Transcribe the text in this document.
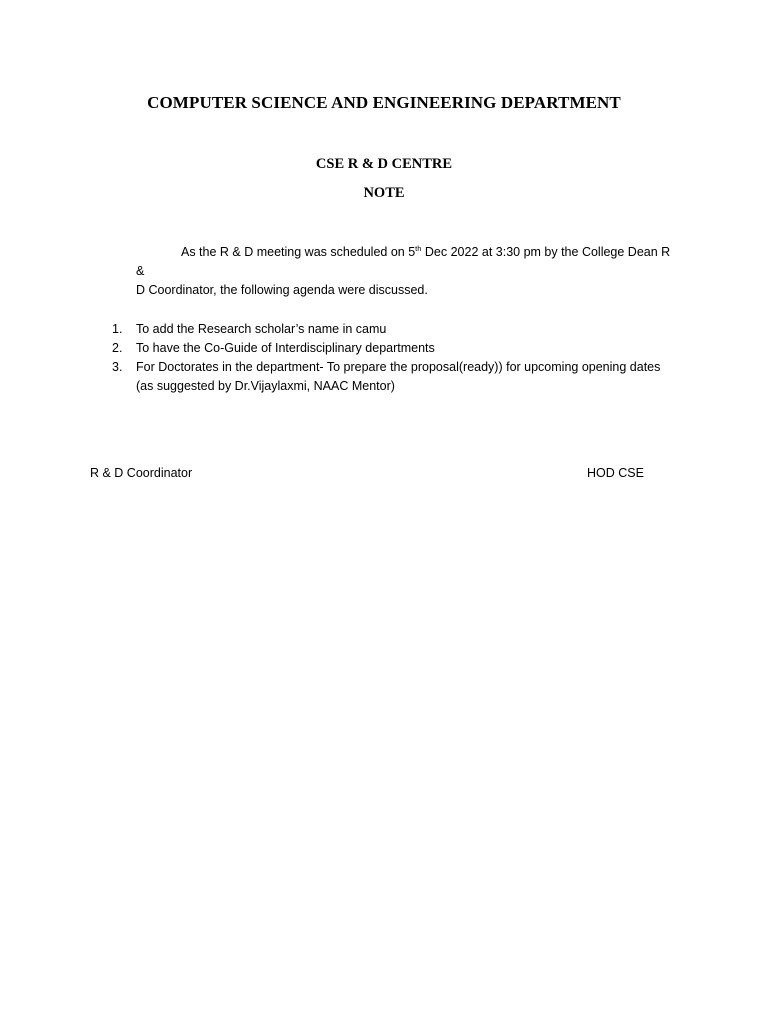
COMPUTER SCIENCE AND ENGINEERING DEPARTMENT
CSE R & D CENTRE
NOTE
As the R & D meeting was scheduled on 5th Dec 2022 at 3:30 pm by the College Dean R &
D Coordinator, the following agenda were discussed.
1.	To add the Research scholar’s name in camu
2.	To have the Co-Guide of Interdisciplinary departments
3.	For Doctorates in the department- To prepare the proposal(ready)) for upcoming opening dates
(as suggested by Dr.Vijaylaxmi, NAAC Mentor)
R & D Coordinator	HOD CSE
